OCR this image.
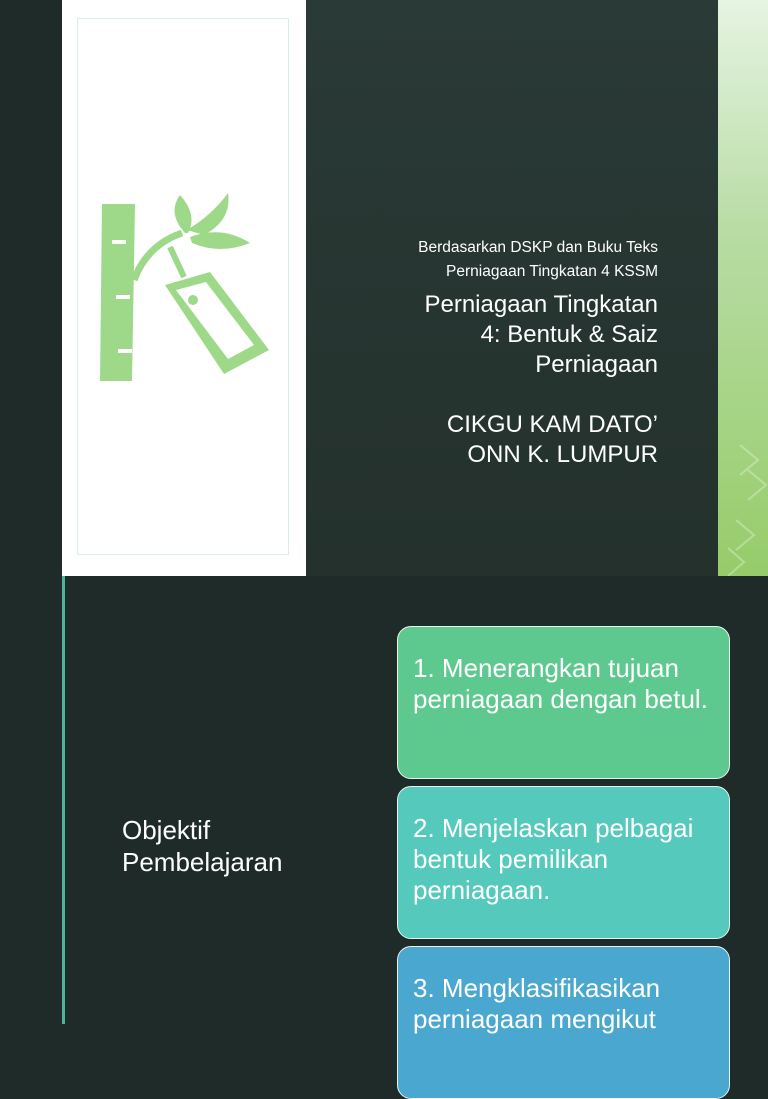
Berdasarkan DSKP dan Buku Teks

Perniagaan Tingkatan 4 KSSM

Perniagaan Tingkatan
4: Bentuk & Saiz
Perniagaan
CIKGU KAM DATO’
ONN K. LUMPUR
Objektif
Pembelajaran
1. Menerangkan tujuan perniagaan dengan betul.
2. Menjelaskan pelbagai bentuk pemilikan perniagaan.
3. Mengklasifikasikan perniagaan mengikut
